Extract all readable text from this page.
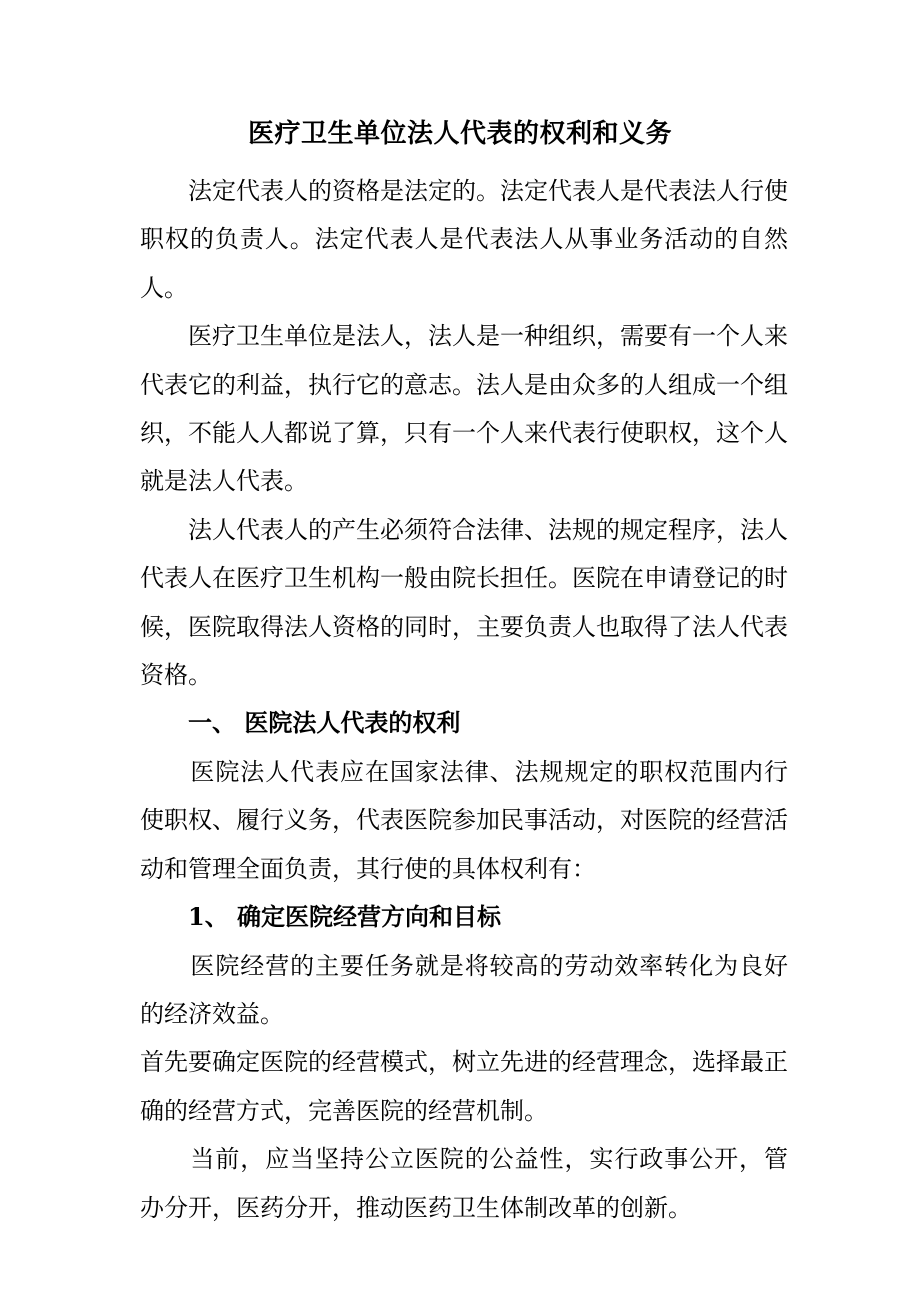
医疗卫生单位法人代表的权利和义务

法定代表人的资格是法定的。法定代表人是代表法人行使职权的负责人。法定代表人是代表法人从事业务活动的自然人。

医疗卫生单位是法人，法人是一种组织，需要有一个人来代表它的利益，执行它的意志。法人是由众多的人组成一个组织，不能人人都说了算，只有一个人来代表行使职权，这个人就是法人代表。

法人代表人的产生必须符合法律、法规的规定程序，法人代表人在医疗卫生机构一般由院长担任。医院在申请登记的时候，医院取得法人资格的同时，主要负责人也取得了法人代表资格。

一、 医院法人代表的权利

医院法人代表应在国家法律、法规规定的职权范围内行使职权、履行义务，代表医院参加民事活动，对医院的经营活动和管理全面负责，其行使的具体权利有：

1、 确定医院经营方向和目标

医院经营的主要任务就是将较高的劳动效率转化为良好的经济效益。

首先要确定医院的经营模式，树立先进的经营理念，选择最正确的经营方式，完善医院的经营机制。

当前，应当坚持公立医院的公益性，实行政事公开，管办分开，医药分开，推动医药卫生体制改革的创新。
